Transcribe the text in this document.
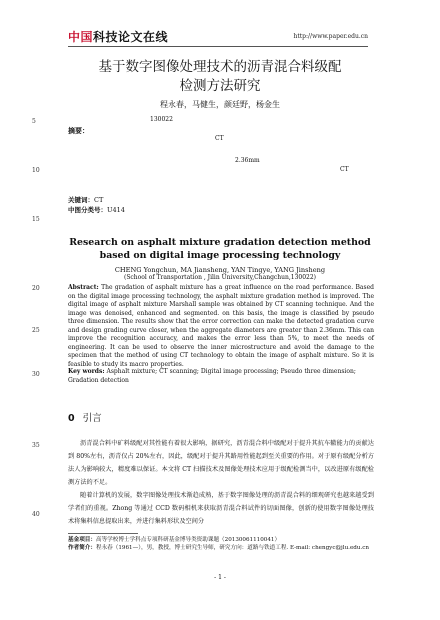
中国科技论文在线	http://www.paper.edu.cn
基于数字图像处理技术的沥青混合料级配
检测方法研究
程永春，马健生，颜廷野，杨金生
5	130022
摘要：
CT
2.36mm
10	CT
关键词：CT
中图分类号：U414
15
Research on asphalt mixture gradation detection method
based on digital image processing technology
CHENG Yongchun, MA Jiansheng, YAN Tingye, YANG Jinsheng
20
(School of Transportation , Jilin University,Changchun,130022)
Abstract: The gradation of asphalt mixture has a great influence on the road performance. Based on the digital image processing technology, the asphalt mixture gradation method is improved. The digital image of asphalt mixture Marshall sample was obtained by CT scanning technique. And the image was denoised, enhanced and segmented. on this basis, the image is classified by pseudo three dimension. The results show that the error correction can make the detected gradation curve and design grading curve closer, when the aggregate diameters are greater than 2.36mm. This can improve the recognition accuracy, and makes the error less than 5%, to meet the needs of engineering. It can be used to observe the inner microstructure and avoid the damage to the specimen that the method of using CT technology to obtain the image of asphalt mixture. So it is feasible to study its macro properties.
25
30	Key words: Asphalt mixture; CT scanning; Digital image processing; Pseudo three dimension; Gradation detection
0 引言
35	沥青混合料中矿料级配对其性能有着很大影响，据研究，沥青混合料中级配对于提升其抗车辙能力的贡献达到 80%左右，沥青仅占 20%左右，因此，级配对于提升其路用性能起到至关重要的作用。对于原有级配分析方法人为影响较大，精度难以保证。本文将 CT 扫描技术及图像处理技术应用于级配检测当中，以改进原有级配检测方法的不足。

随着计算机的发展，数字图像处理技术渐趋成熟，基于数字图像处理的沥青混合料的细观研究也越来越受到学者们的重视。Zhong 等通过 CCD 数码相机来获取沥青混合料试件的切面图像，创新的使用数字图像处理技术将集料信息提取出来，并进行集料形状及空间分

40
基金项目：高等学校博士学科点专项科研基金博导类资助课题（20130061110041）
作者简介：程永春（1961—），男，教授，博士研究生导师，研究方向：道路与铁道工程. E-mail: chengyc@jlu.edu.cn
- 1 -
